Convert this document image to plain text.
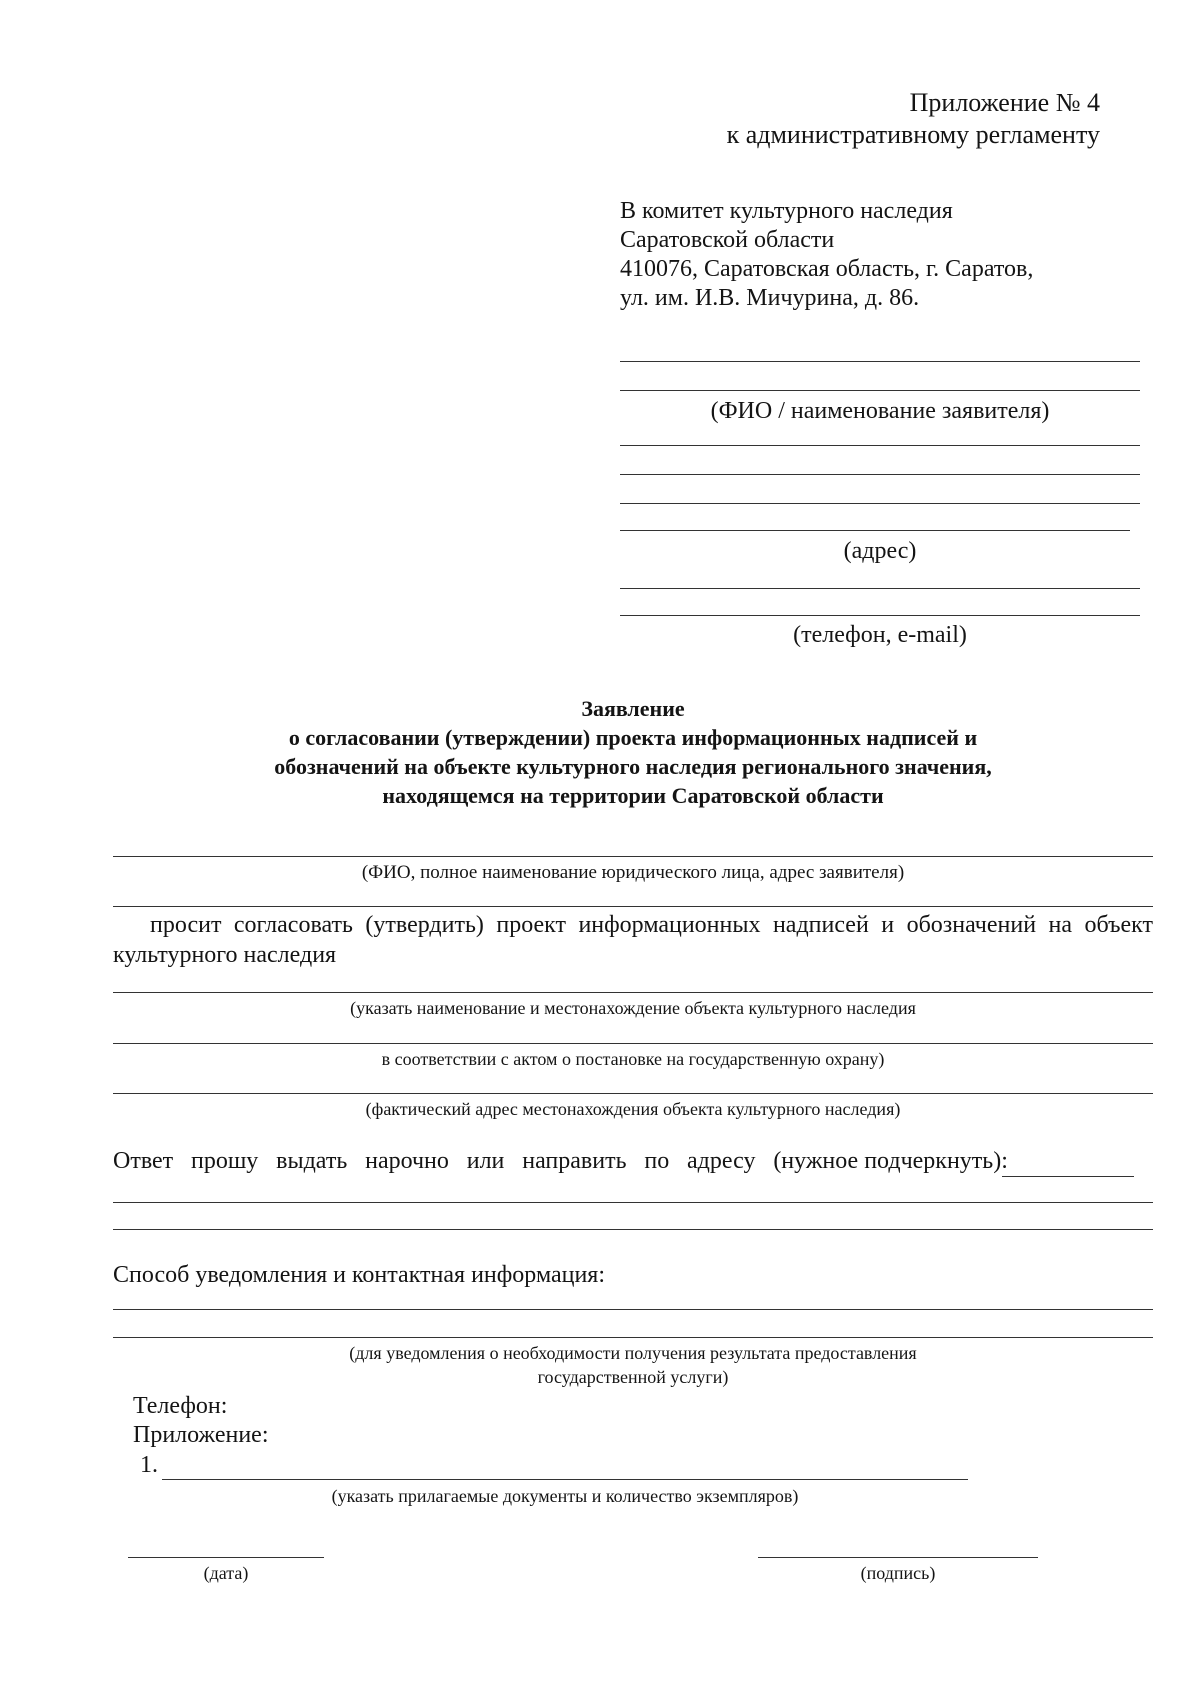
Приложение № 4
к административному регламенту
В комитет культурного наследия
Саратовской области
410076, Саратовская область, г. Саратов,
ул. им. И.В. Мичурина, д. 86.
(ФИО / наименование заявителя)
(адрес)
(телефон, e-mail)
Заявление
о согласовании (утверждении) проекта информационных надписей и
обозначений на объекте культурного наследия регионального значения,
находящемся на территории Саратовской области
(ФИО, полное наименование юридического лица, адрес заявителя)
просит согласовать (утвердить) проект информационных надписей и обозначений на объект
культурного наследия
(указать наименование и местонахождение объекта культурного наследия
в соответствии с актом о постановке на государственную охрану)
(фактический адрес местонахождения объекта культурного наследия)
Ответ прошу выдать нарочно или направить по адресу (нужное подчеркнуть):
Способ уведомления и контактная информация:
(для уведомления о необходимости получения результата предоставления
государственной услуги)
Телефон:
Приложение:
1.
(указать прилагаемые документы и количество экземпляров)
(дата)	(подпись)
